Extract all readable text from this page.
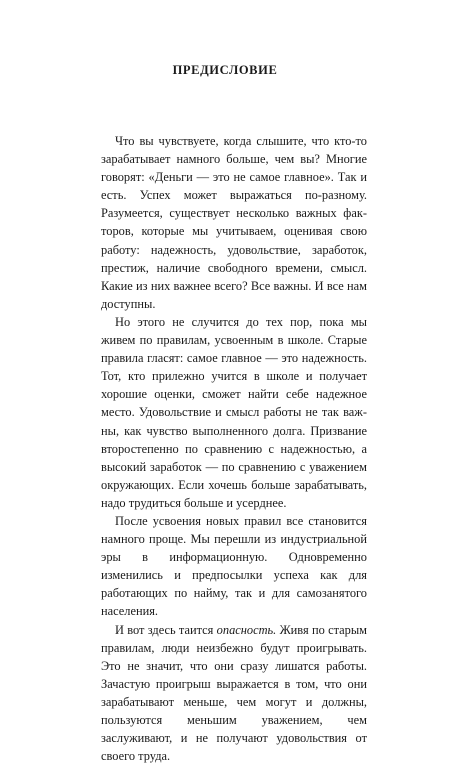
ПРЕДИСЛОВИЕ

Что вы чувствуете, когда слышите, что кто-то зарабатывает намного больше, чем вы? Многие говорят: «Деньги — это не самое главное». Так и есть. Успех может выражаться по-разному. Разумеется, существует несколько важных факторов, которые мы учитываем, оценивая свою работу: надежность, удовольствие, заработок, престиж, наличие свободного времени, смысл. Какие из них важнее всего? Все важны. И все нам доступны.

Но этого не случится до тех пор, пока мы живем по правилам, усвоенным в школе. Старые правила гласят: самое главное — это надежность. Тот, кто прилежно учится в школе и получает хорошие оценки, сможет найти себе надежное место. Удовольствие и смысл работы не так важны, как чувство выполненного долга. Призвание второстепенно по сравнению с надежностью, а высокий заработок — по сравнению с уважением окружающих. Если хочешь больше зарабатывать, надо трудиться больше и усерднее.

После усвоения новых правил все становится намного проще. Мы перешли из индустриальной эры в информационную. Одновременно изменились и предпосылки успеха как для работающих по найму, так и для самозанятого населения.

И вот здесь таится опасность. Живя по старым правилам, люди неизбежно будут проигрывать. Это не значит, что они сразу лишатся работы. Зачастую проигрыш выражается в том, что они зарабатывают меньше, чем могут и должны, пользуются меньшим уважением, чем заслуживают, и не получают удовольствия от своего труда.
